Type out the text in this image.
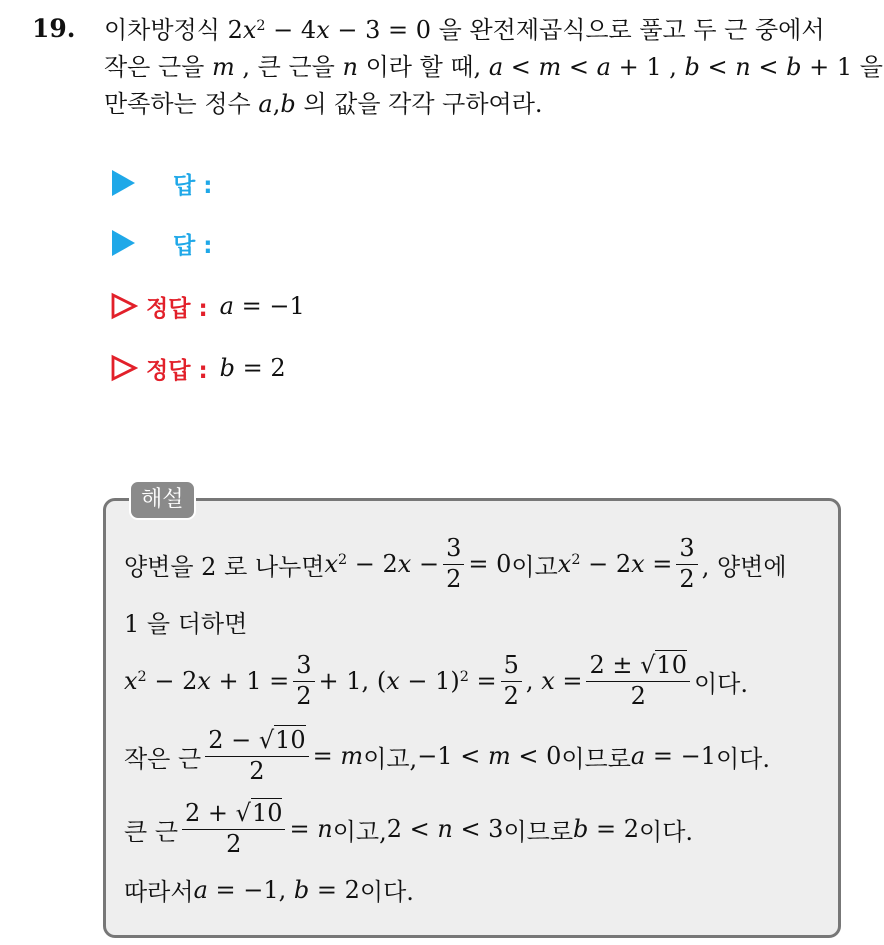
19. 이차방정식 $2x^2 - 4x - 3 = 0$ 을 완전제곱식으로 풀고 두 근 중에서
작은 근을 m , 큰 근을 n 이라 할 때, a < m < a + 1 , b < n < b + 1 을
만족하는 정수 a,b 의 값을 각각 구하여라.
답 :
답 :
정답 : a = −1
정답 : b = 2
해설
양변을 2 로 나누면 $x^2 - 2x - \frac{3}{2} = 0$ 이고 $x^2 - 2x = \frac{3}{2}$ , 양변에
1 을 더하면
$x^2 - 2x + 1 = \frac{3}{2} + 1$, $(x - 1)^2 = \frac{5}{2}$ , $x = \frac{2 \pm √10}{2}$ 이다.
작은 근 $\frac{2 - √10}{2} = m$ 이고, −1 < m < 0 이므로 a = −1 이다.
큰 근 $\frac{2 + √10}{2} = n$ 이고, 2 < n < 3 이므로 b = 2 이다.
따라서 a = −1, b = 2 이다.
